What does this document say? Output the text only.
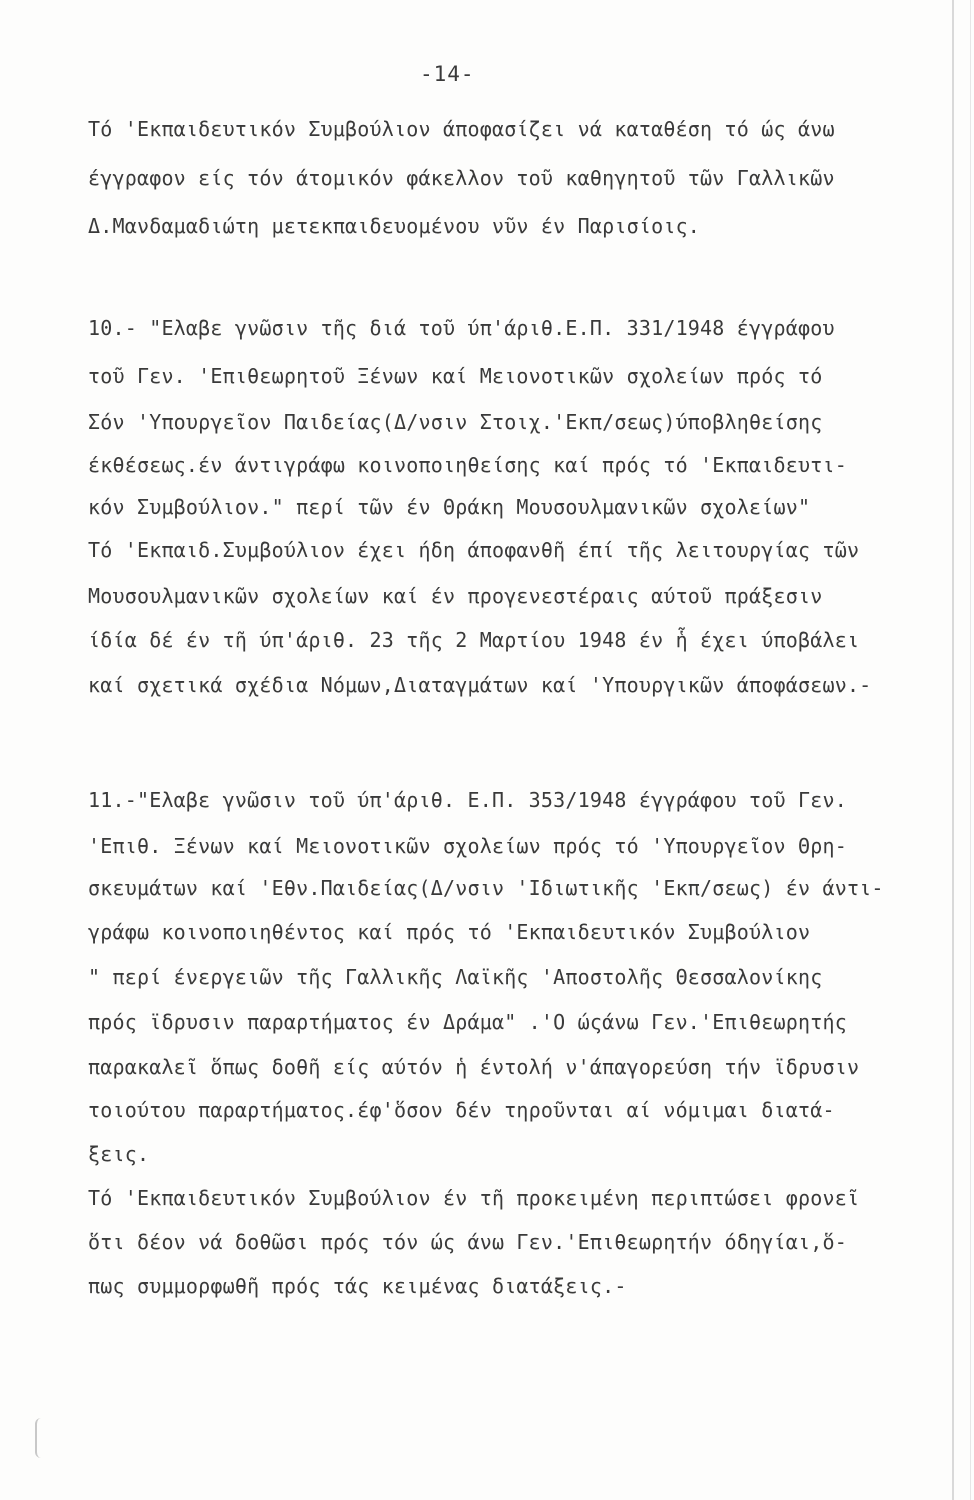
-14-
Τό 'Εκπαιδευτικόν Συμβούλιον άποφασίζει νά καταθέση τό ώς άνω
έγγραφον είς τόν άτομικόν φάκελλον τοῦ καθηγητοῦ τῶν Γαλλικῶν
Δ.Μανδαμαδιώτη μετεκπαιδευομένου νῦν έν Παρισίοις.
10.- "Ελαβε γνῶσιν τῆς διά τοῦ ύπ'άριθ.Ε.Π. 331/1948 έγγράφου
τοῦ Γεν. 'Επιθεωρητοῦ Ξένων καί Μειονοτικῶν σχολείων πρός τό
Σόν 'Υπουργεῖον Παιδείας(Δ/νσιν Στοιχ.'Εκπ/σεως)ύποβληθείσης
έκθέσεως.έν άντιγράφω κοινοποιηθείσης καί πρός τό 'Εκπαιδευτι-
κόν Συμβούλιον." περί τῶν έν Θράκη Μουσουλμανικῶν σχολείων"
Τό 'Εκπαιδ.Συμβούλιον έχει ήδη άποφανθῆ έπί τῆς λειτουργίας τῶν
Μουσουλμανικῶν σχολείων καί έν προγενεστέραις αύτοῦ πράξεσιν
ίδία δέ έν τῆ ύπ'άριθ. 23 τῆς 2 Μαρτίου 1948 έν ἧ έχει ύποβάλει
καί σχετικά σχέδια Νόμων,Διαταγμάτων καί 'Υπουργικῶν άποφάσεων.-
11.-"Ελαβε γνῶσιν τοῦ ύπ'άριθ. Ε.Π. 353/1948 έγγράφου τοῦ Γεν.
'Επιθ. Ξένων καί Μειονοτικῶν σχολείων πρός τό 'Υπουργεῖον Θρη-
σκευμάτων καί 'Εθν.Παιδείας(Δ/νσιν 'Ιδιωτικῆς 'Εκπ/σεως) έν άντι-
γράφω κοινοποιηθέντος καί πρός τό 'Εκπαιδευτικόν Συμβούλιον
" περί ένεργειῶν τῆς Γαλλικῆς Λαϊκῆς 'Αποστολῆς Θεσσαλονίκης
πρός ϊδρυσιν παραρτήματος έν Δράμα" .'Ο ώςάνω Γεν.'Επιθεωρητής
παρακαλεῖ ὅπως δοθῆ είς αύτόν ἡ έντολή ν'άπαγορεύση τήν ϊδρυσιν
τοιούτου παραρτήματος.έφ'ὅσον δέν τηροῦνται αί νόμιμαι διατά-
ξεις.
Τό 'Εκπαιδευτικόν Συμβούλιον έν τῆ προκειμένη περιπτώσει φρονεῖ
ὅτι δέον νά δοθῶσι πρός τόν ώς άνω Γεν.'Επιθεωρητήν όδηγίαι,ὅ-
πως συμμορφωθῆ πρός τάς κειμένας διατάξεις.-
